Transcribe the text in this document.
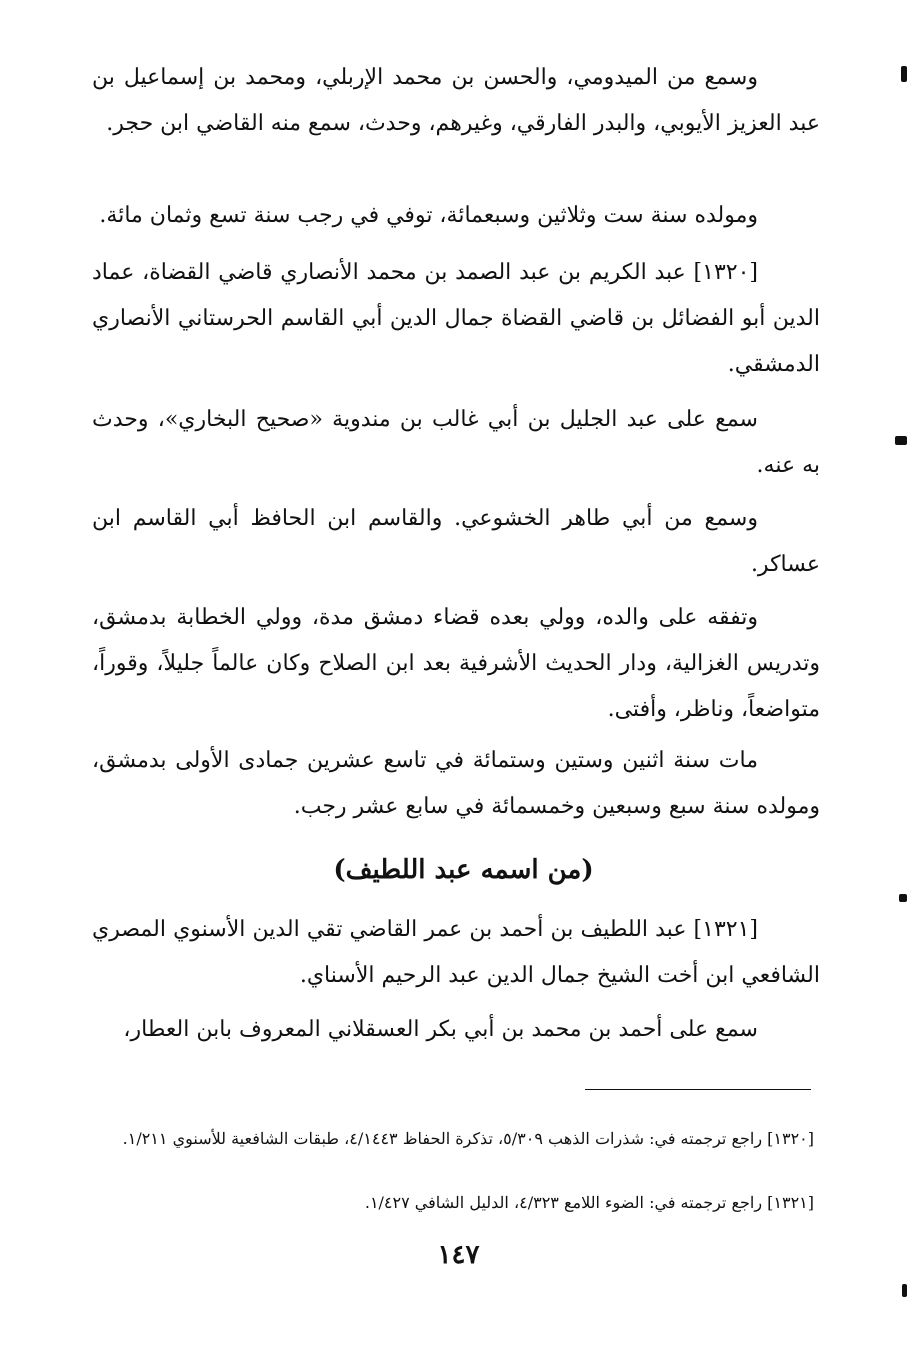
وسمع من الميدومي، والحسن بن محمد الإربلي، ومحمد بن إسماعيل بن عبد العزيز الأيوبي، والبدر الفارقي، وغيرهم، وحدث، سمع منه القاضي ابن حجر.

ومولده سنة ست وثلاثين وسبعمائة، توفي في رجب سنة تسع وثمان مائة.

[١٣٢٠] عبد الكريم بن عبد الصمد بن محمد الأنصاري قاضي القضاة، عماد الدين أبو الفضائل بن قاضي القضاة جمال الدين أبي القاسم الحرستاني الأنصاري الدمشقي.

سمع على عبد الجليل بن أبي غالب بن مندوية «صحيح البخاري»، وحدث به عنه.

وسمع من أبي طاهر الخشوعي. والقاسم ابن الحافظ أبي القاسم ابن عساكر.

وتفقه على والده، وولي بعده قضاء دمشق مدة، وولي الخطابة بدمشق، وتدريس الغزالية، ودار الحديث الأشرفية بعد ابن الصلاح وكان عالماً جليلاً، وقوراً، متواضعاً، وناظر، وأفتى.

مات سنة اثنين وستين وستمائة في تاسع عشرين جمادى الأولى بدمشق، ومولده سنة سبع وسبعين وخمسمائة في سابع عشر رجب.

(من اسمه عبد اللطيف)

[١٣٢١] عبد اللطيف بن أحمد بن عمر القاضي تقي الدين الأسنوي المصري الشافعي ابن أخت الشيخ جمال الدين عبد الرحيم الأسناي.

سمع على أحمد بن محمد بن أبي بكر العسقلاني المعروف بابن العطار،

[١٣٢٠] راجع ترجمته في: شذرات الذهب ٥/٣٠٩، تذكرة الحفاظ ٤/١٤٤٣، طبقات الشافعية للأسنوي ١/٢١١.

[١٣٢١] راجع ترجمته في: الضوء اللامع ٤/٣٢٣، الدليل الشافي ١/٤٢٧.

١٤٧
